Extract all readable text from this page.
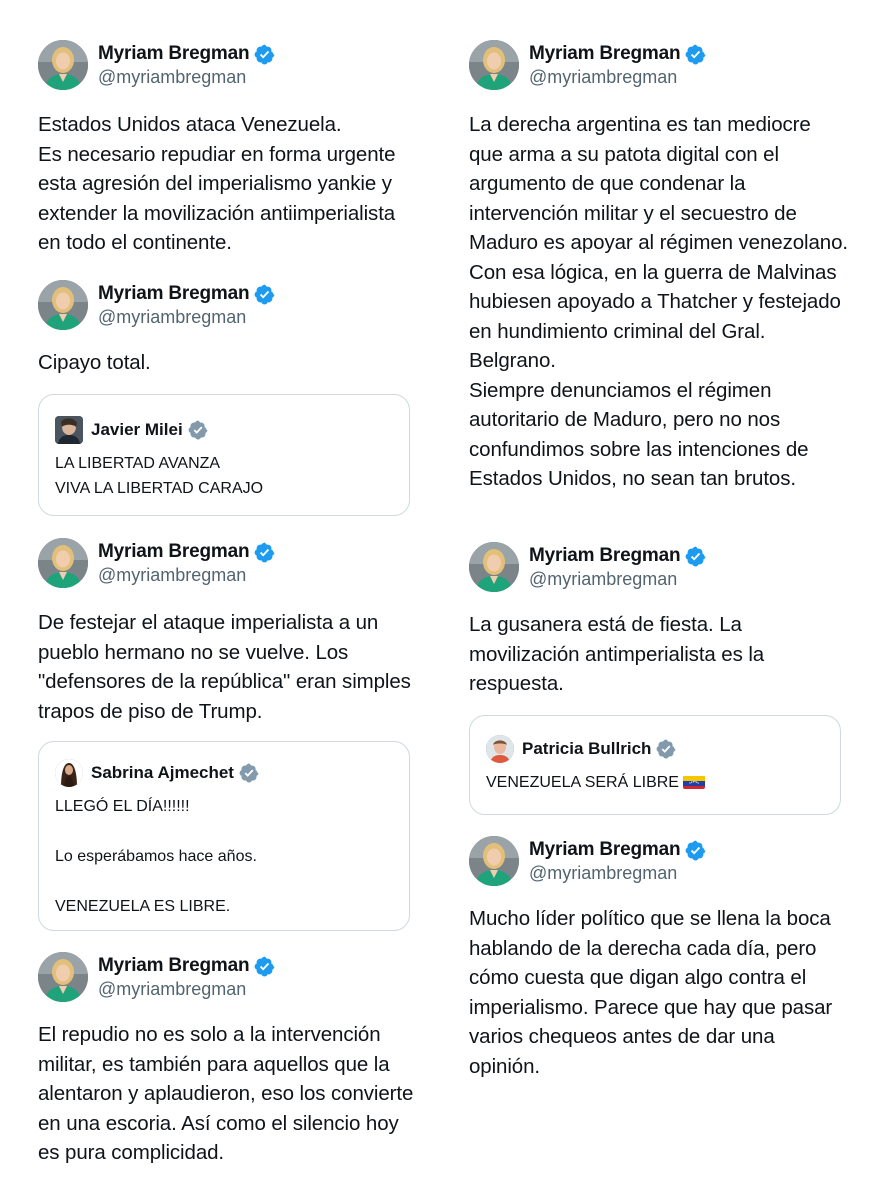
Myriam Bregman
@myriambregman
Estados Unidos ataca Venezuela.
Es necesario repudiar en forma urgente esta agresión del imperialismo yankie y extender la movilización antiimperialista en todo el continente.
Myriam Bregman
@myriambregman
Cipayo total.
Javier Milei
LA LIBERTAD AVANZA
VIVA LA LIBERTAD CARAJO
Myriam Bregman
@myriambregman
De festejar el ataque imperialista a un pueblo hermano no se vuelve. Los "defensores de la república" eran simples trapos de piso de Trump.
Sabrina Ajmechet
LLEGÓ EL DÍA!!!!!!

Lo esperábamos hace años.

VENEZUELA ES LIBRE.
Myriam Bregman
@myriambregman
El repudio no es solo a la intervención militar, es también para aquellos que la alentaron y aplaudieron, eso los convierte en una escoria. Así como el silencio hoy es pura complicidad.
Myriam Bregman
@myriambregman
La derecha argentina es tan mediocre que arma a su patota digital con el argumento de que condenar la intervención militar y el secuestro de Maduro es apoyar al régimen venezolano.
Con esa lógica, en la guerra de Malvinas hubiesen apoyado a Thatcher y festejado en hundimiento criminal del Gral. Belgrano.
Siempre denunciamos el régimen autoritario de Maduro, pero no nos confundimos sobre las intenciones de Estados Unidos, no sean tan brutos.
Myriam Bregman
@myriambregman
La gusanera está de fiesta. La movilización antimperialista es la respuesta.
Patricia Bullrich
VENEZUELA SERÁ LIBRE
Myriam Bregman
@myriambregman
Mucho líder político que se llena la boca hablando de la derecha cada día, pero cómo cuesta que digan algo contra el imperialismo. Parece que hay que pasar varios chequeos antes de dar una opinión.
